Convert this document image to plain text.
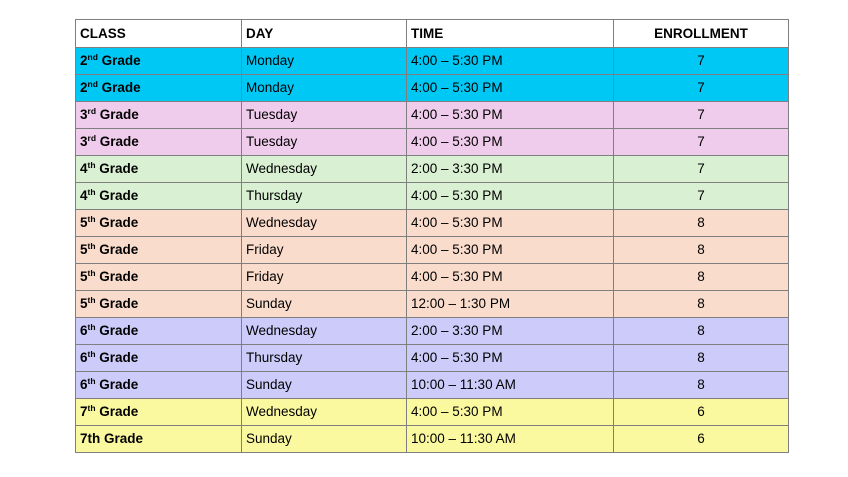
CLASS	DAY	TIME	ENROLLMENT
2nd Grade	Monday	4:00 – 5:30 PM	7
2nd Grade	Monday	4:00 – 5:30 PM	7
3rd Grade	Tuesday	4:00 – 5:30 PM	7
3rd Grade	Tuesday	4:00 – 5:30 PM	7
4th Grade	Wednesday	2:00 – 3:30 PM	7
4th Grade	Thursday	4:00 – 5:30 PM	7
5th Grade	Wednesday	4:00 – 5:30 PM	8
5th Grade	Friday	4:00 – 5:30 PM	8
5th Grade	Friday	4:00 – 5:30 PM	8
5th Grade	Sunday	12:00 – 1:30 PM	8
6th Grade	Wednesday	2:00 – 3:30 PM	8
6th Grade	Thursday	4:00 – 5:30 PM	8
6th Grade	Sunday	10:00 – 11:30 AM	8
7th Grade	Wednesday	4:00 – 5:30 PM	6
7th Grade	Sunday	10:00 – 11:30 AM	6
